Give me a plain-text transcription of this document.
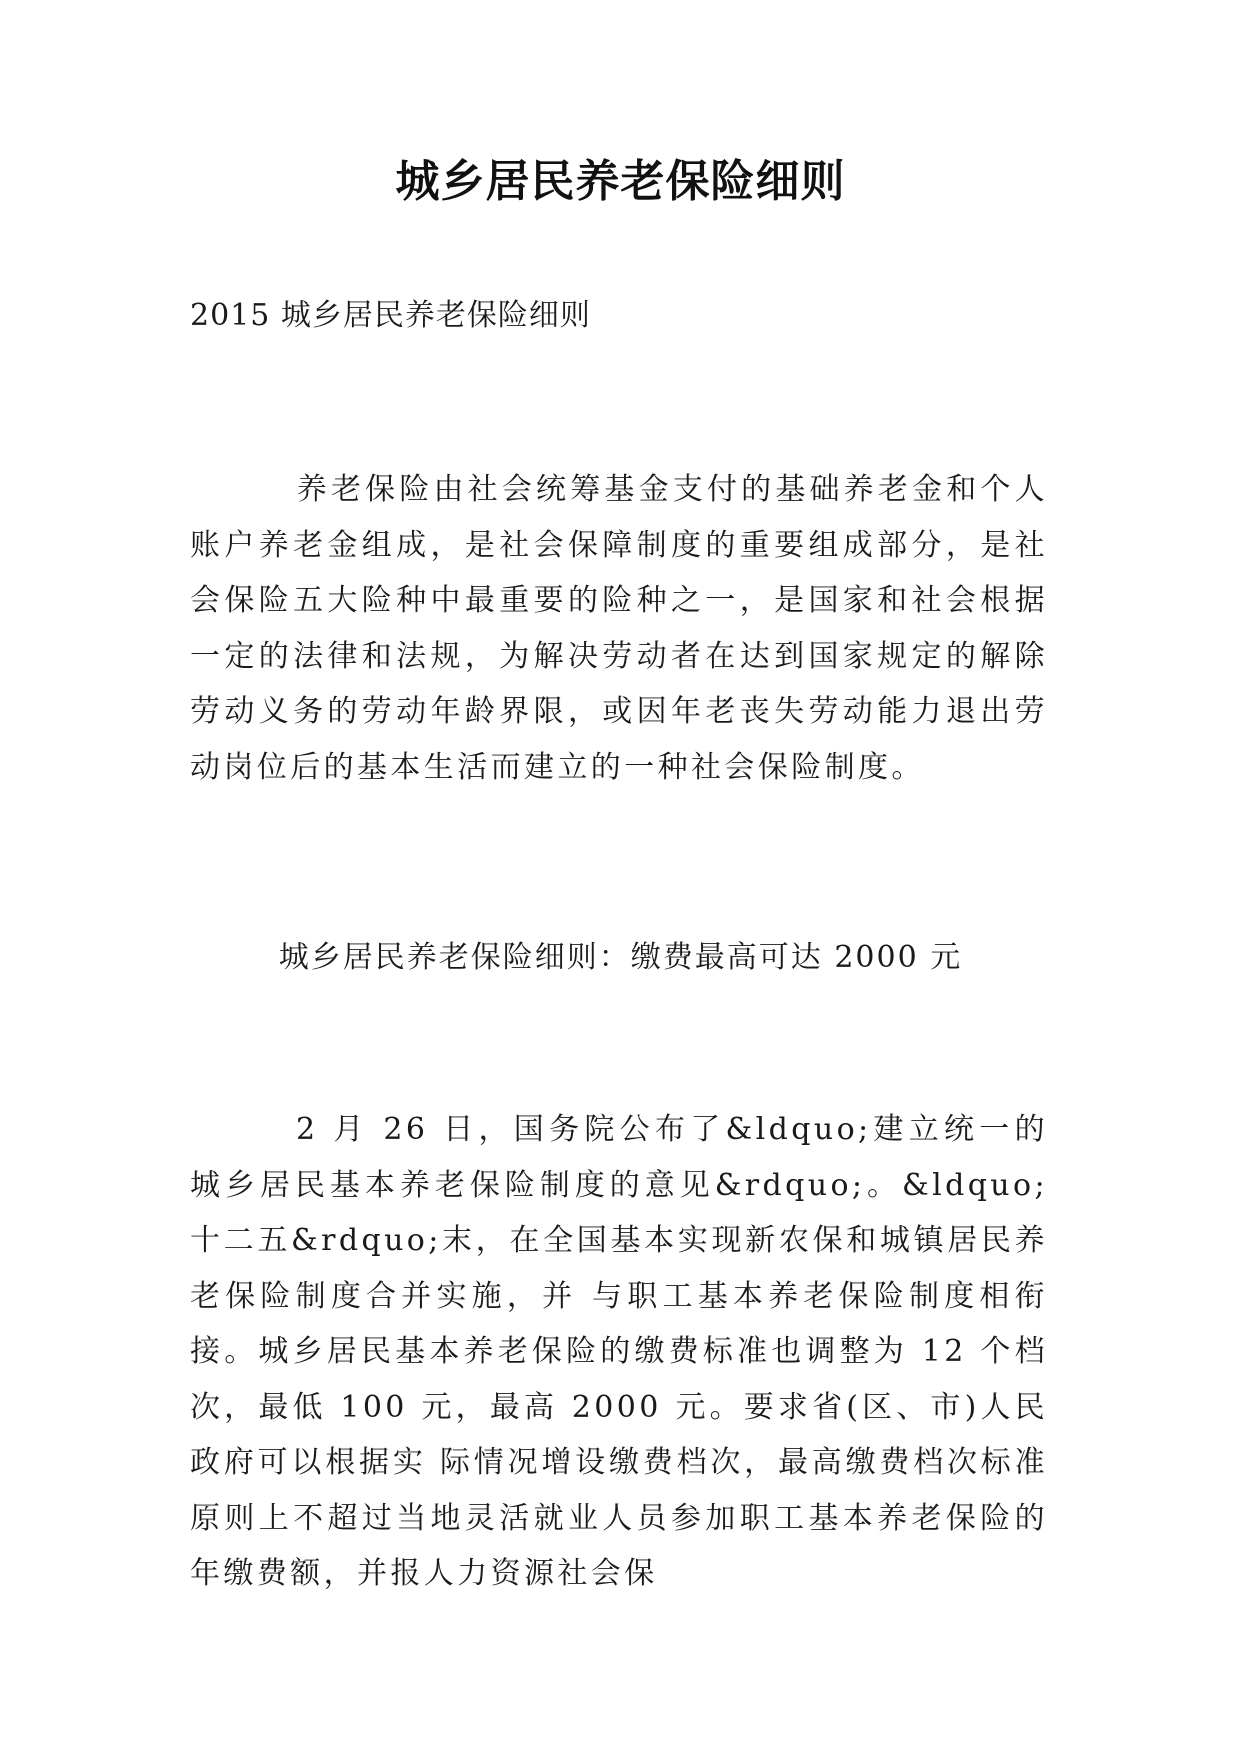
城乡居民养老保险细则
2015 城乡居民养老保险细则

养老保险由社会统筹基金支付的基础养老金和个人账户养老金组成，是社会保障制度的重要组成部分，是社会保险五大险种中最重要的险种之一，是国家和社会根据一定的法律和法规，为解决劳动者在达到国家规定的解除劳动义务的劳动年龄界限，或因年老丧失劳动能力退出劳动岗位后的基本生活而建立的一种社会保险制度。

城乡居民养老保险细则：缴费最高可达 2000 元

2 月 26 日，国务院公布了&ldquo;建立统一的城乡居民基本养老保险制度的意见&rdquo;。&ldquo;十二五&rdquo;末，在全国基本实现新农保和城镇居民养老保险制度合并实施，并 与职工基本养老保险制度相衔接。城乡居民基本养老保险的缴费标准也调整为 12 个档次，最低 100 元，最高 2000 元。要求省(区、市)人民政府可以根据实 际情况增设缴费档次，最高缴费档次标准原则上不超过当地灵活就业人员参加职工基本养老保险的年缴费额，并报人力资源社会保
